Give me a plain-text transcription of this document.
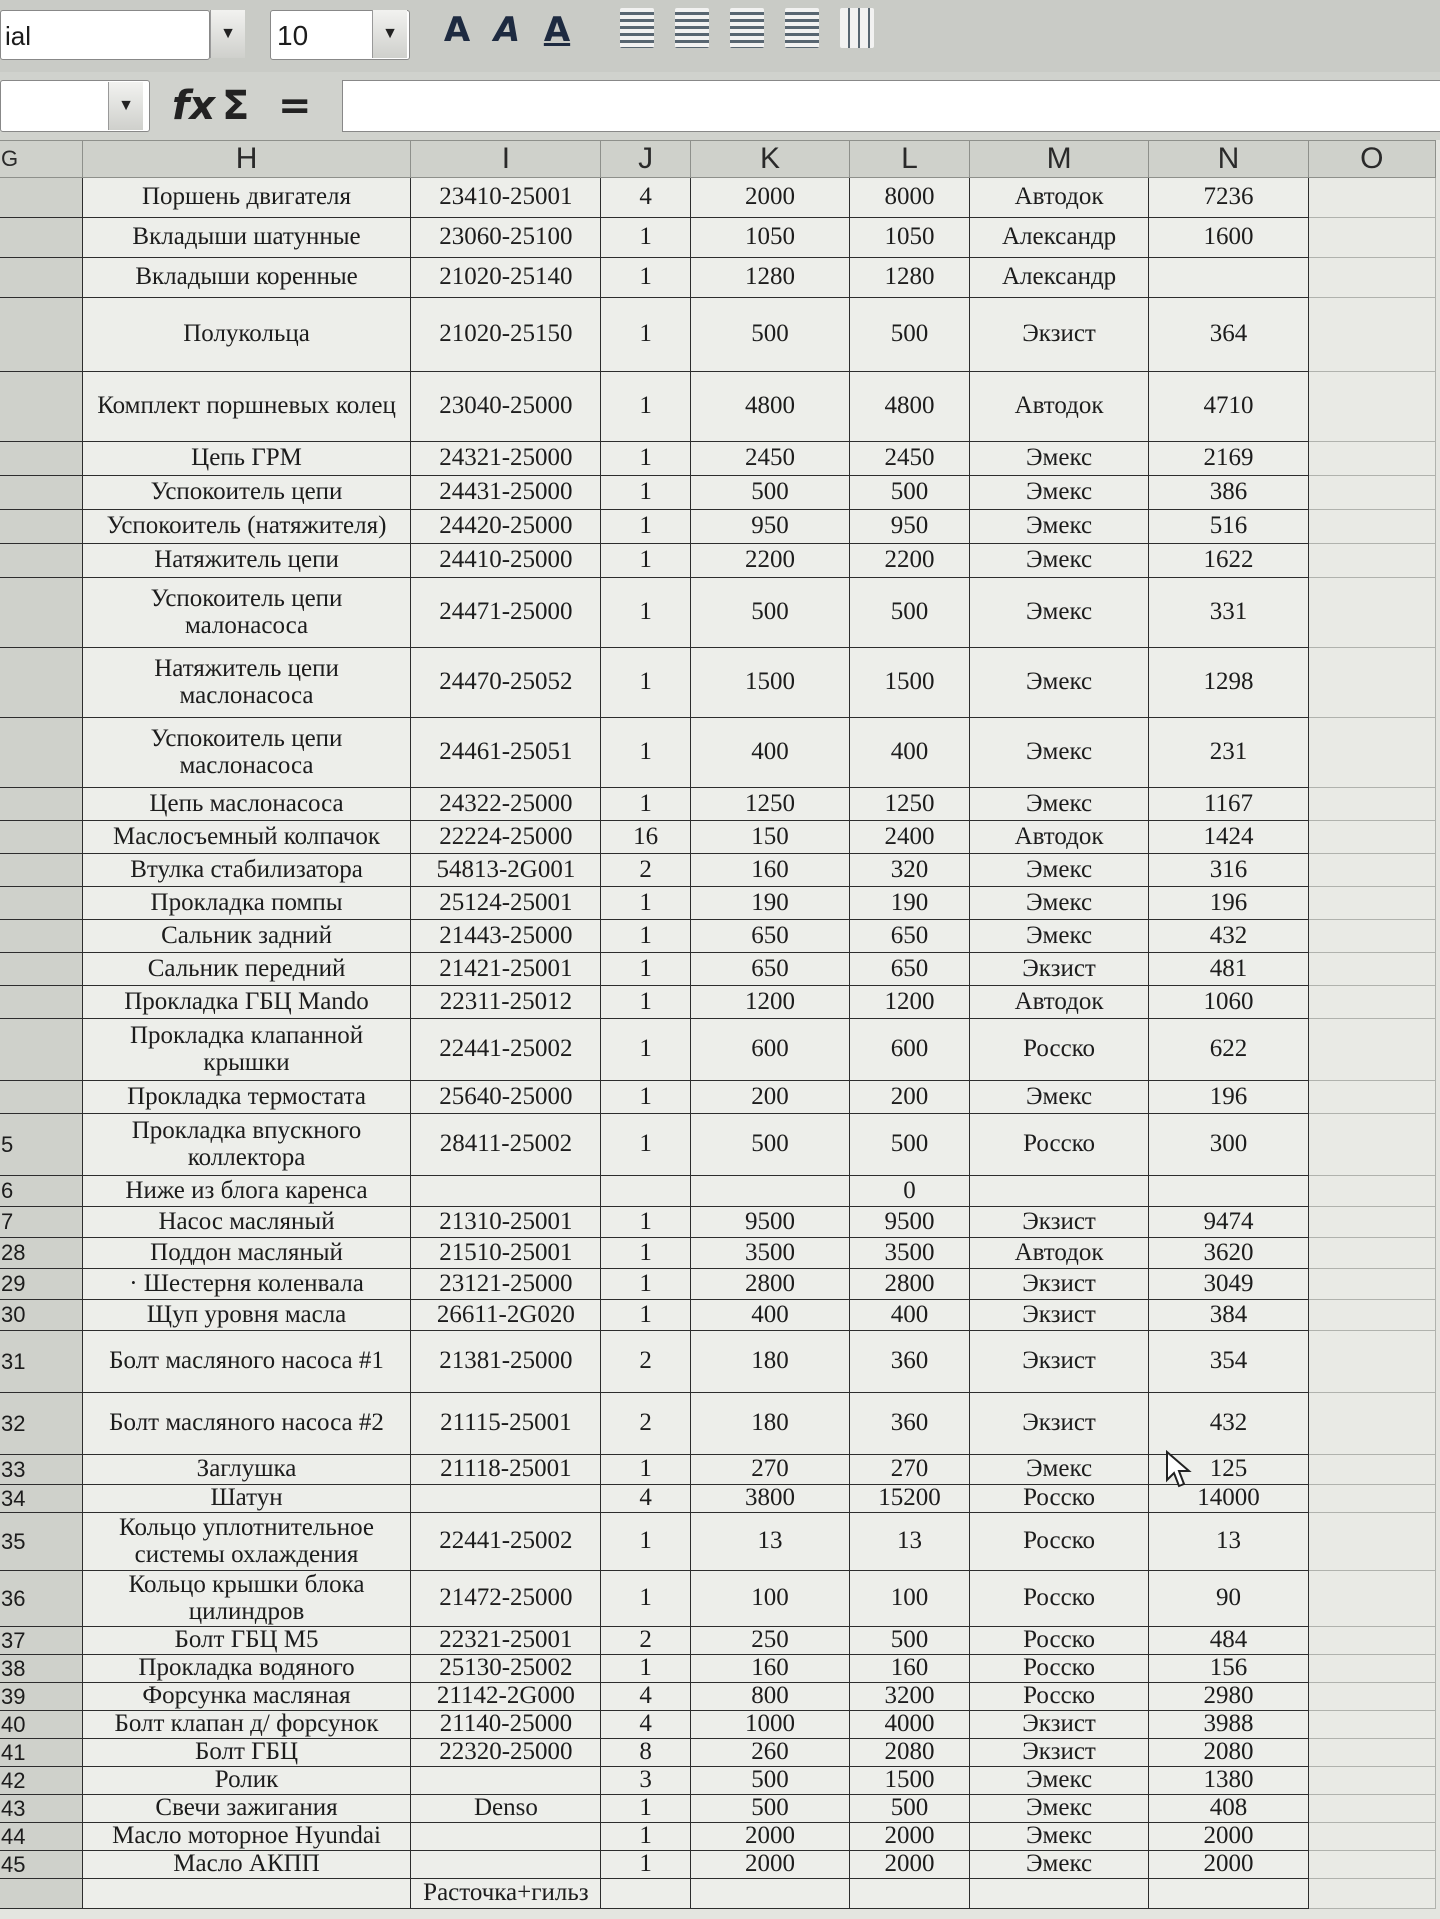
ial	▼ 10	▼ A A A
▼ fx Σ =
G	H	I	J	K	L	M	N	O
	Поршень двигателя	23410-25001	4	2000	8000	Автодок	7236	
	Вкладыши шатунные	23060-25100	1	1050	1050	Александр	1600	
	Вкладыши коренные	21020-25140	1	1280	1280	Александр		
	Полукольца	21020-25150	1	500	500	Экзист	364	
	Комплект поршневых колец	23040-25000	1	4800	4800	Автодок	4710	
	Цепь ГРМ	24321-25000	1	2450	2450	Эмекс	2169	
	Успокоитель цепи	24431-25000	1	500	500	Эмекс	386	
	Успокоитель (натяжителя)	24420-25000	1	950	950	Эмекс	516	
	Натяжитель цепи	24410-25000	1	2200	2200	Эмекс	1622	
	Успокоитель цепи малонасоса	24471-25000	1	500	500	Эмекс	331	
	Натяжитель цепи маслонасоса	24470-25052	1	1500	1500	Эмекс	1298	
	Успокоитель цепи маслонасоса	24461-25051	1	400	400	Эмекс	231	
	Цепь маслонасоса	24322-25000	1	1250	1250	Эмекс	1167	
	Маслосъемный колпачок	22224-25000	16	150	2400	Автодок	1424	
	Втулка стабилизатора	54813-2G001	2	160	320	Эмекс	316	
	Прокладка помпы	25124-25001	1	190	190	Эмекс	196	
	Сальник задний	21443-25000	1	650	650	Эмекс	432	
	Сальник передний	21421-25001	1	650	650	Экзист	481	
	Прокладка ГБЦ Mando	22311-25012	1	1200	1200	Автодок	1060	
	Прокладка клапанной крышки	22441-25002	1	600	600	Росско	622	
	Прокладка термостата	25640-25000	1	200	200	Эмекс	196	
5	Прокладка впускного коллектора	28411-25002	1	500	500	Росско	300	
6	Ниже из блога каренса				0			
7	Насос масляный	21310-25001	1	9500	9500	Экзист	9474	
28	Поддон масляный	21510-25001	1	3500	3500	Автодок	3620	
29	· Шестерня коленвала	23121-25000	1	2800	2800	Экзист	3049	
30	Щуп уровня масла	26611-2G020	1	400	400	Экзист	384	
31	Болт масляного насоса #1	21381-25000	2	180	360	Экзист	354	
32	Болт масляного насоса #2	21115-25001	2	180	360	Экзист	432	
33	Заглушка	21118-25001	1	270	270	Эмекс	125	
34	Шатун		4	3800	15200	Росско	14000	
35	Кольцо уплотнительное системы охлаждения	22441-25002	1	13	13	Росско	13	
36	Кольцо крышки блока цилиндров	21472-25000	1	100	100	Росско	90	
37	Болт ГБЦ М5	22321-25001	2	250	500	Росско	484	
38	Прокладка водяного	25130-25002	1	160	160	Росско	156	
39	Форсунка масляная	21142-2G000	4	800	3200	Росско	2980	
40	Болт клапан д/ форсунок	21140-25000	4	1000	4000	Экзист	3988	
41	Болт ГБЦ	22320-25000	8	260	2080	Экзист	2080	
42	Ролик		3	500	1500	Эмекс	1380	
43	Свечи зажигания	Denso	1	500	500	Эмекс	408	
44	Масло моторное Hyundai		1	2000	2000	Эмекс	2000	
45	Масло АКПП		1	2000	2000	Эмекс	2000	
		Расточка+гильз						
